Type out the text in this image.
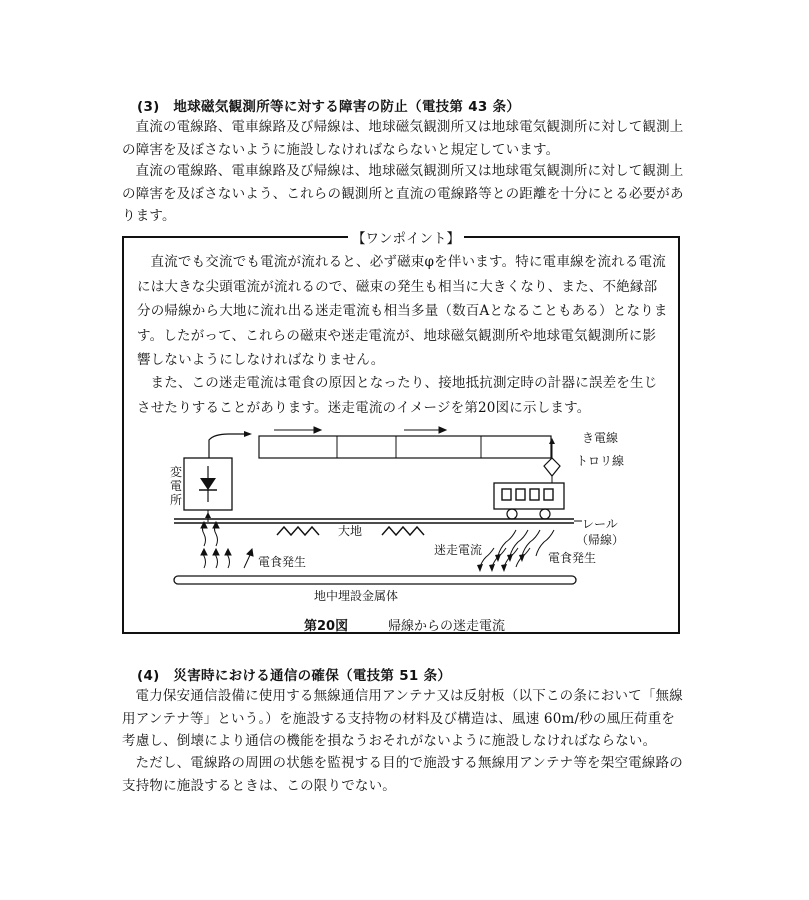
(3)　地球磁気観測所等に対する障害の防止（電技第 43 条）

直流の電線路、電車線路及び帰線は、地球磁気観測所又は地球電気観測所に対して観測上の障害を及ぼさないように施設しなければならないと規定しています。

直流の電線路、電車線路及び帰線は、地球磁気観測所又は地球電気観測所に対して観測上の障害を及ぼさないよう、これらの観測所と直流の電線路等との距離を十分にとる必要があります。

【ワンポイント】

直流でも交流でも電流が流れると、必ず磁束φを伴います。特に電車線を流れる電流には大きな尖頭電流が流れるので、磁束の発生も相当に大きくなり、また、不絶縁部分の帰線から大地に流れ出る迷走電流も相当多量（数百Aとなることもある）となります。したがって、これらの磁束や迷走電流が、地球磁気観測所や地球電気観測所に影響しないようにしなければなりません。

また、この迷走電流は電食の原因となったり、接地抵抗測定時の計器に誤差を生じさせたりすることがあります。迷走電流のイメージを第20図に示します。

変
電
所
大地
き電線
トロリ線
レール
（帰線）
迷走電流
電食発生	電食発生
地中埋設金属体
第20図	帰線からの迷走電流
(4)　災害時における通信の確保（電技第 51 条）

電力保安通信設備に使用する無線通信用アンテナ又は反射板（以下この条において「無線用アンテナ等」という。）を施設する支持物の材料及び構造は、風速 60m/秒の風圧荷重を考慮し、倒壊により通信の機能を損なうおそれがないように施設しなければならない。

ただし、電線路の周囲の状態を監視する目的で施設する無線用アンテナ等を架空電線路の支持物に施設するときは、この限りでない。
